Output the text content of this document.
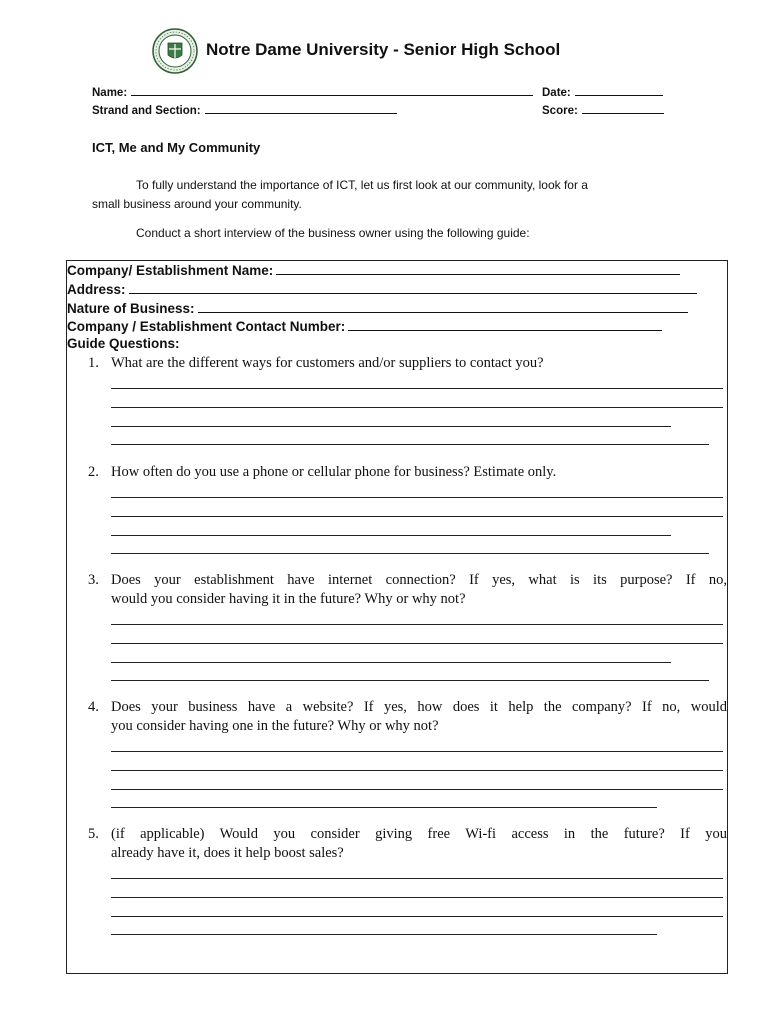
Notre Dame University - Senior High School
Name:	Date:
Strand and Section:	Score:
ICT, Me and My Community
To fully understand the importance of ICT, let us first look at our community, look for a
small business around your community.
Conduct a short interview of the business owner using the following guide:
Company/ Establishment Name:
Address:
Nature of Business:
Company / Establishment Contact Number:
Guide Questions:
1. What are the different ways for customers and/or suppliers to contact you?
2. How often do you use a phone or cellular phone for business? Estimate only.
3. Does your establishment have internet connection? If yes, what is its purpose? If no,
would you consider having it in the future? Why or why not?
4. Does your business have a website? If yes, how does it help the company? If no, would
you consider having one in the future? Why or why not?
5. (if applicable) Would you consider giving free Wi-fi access in the future? If you
already have it, does it help boost sales?
